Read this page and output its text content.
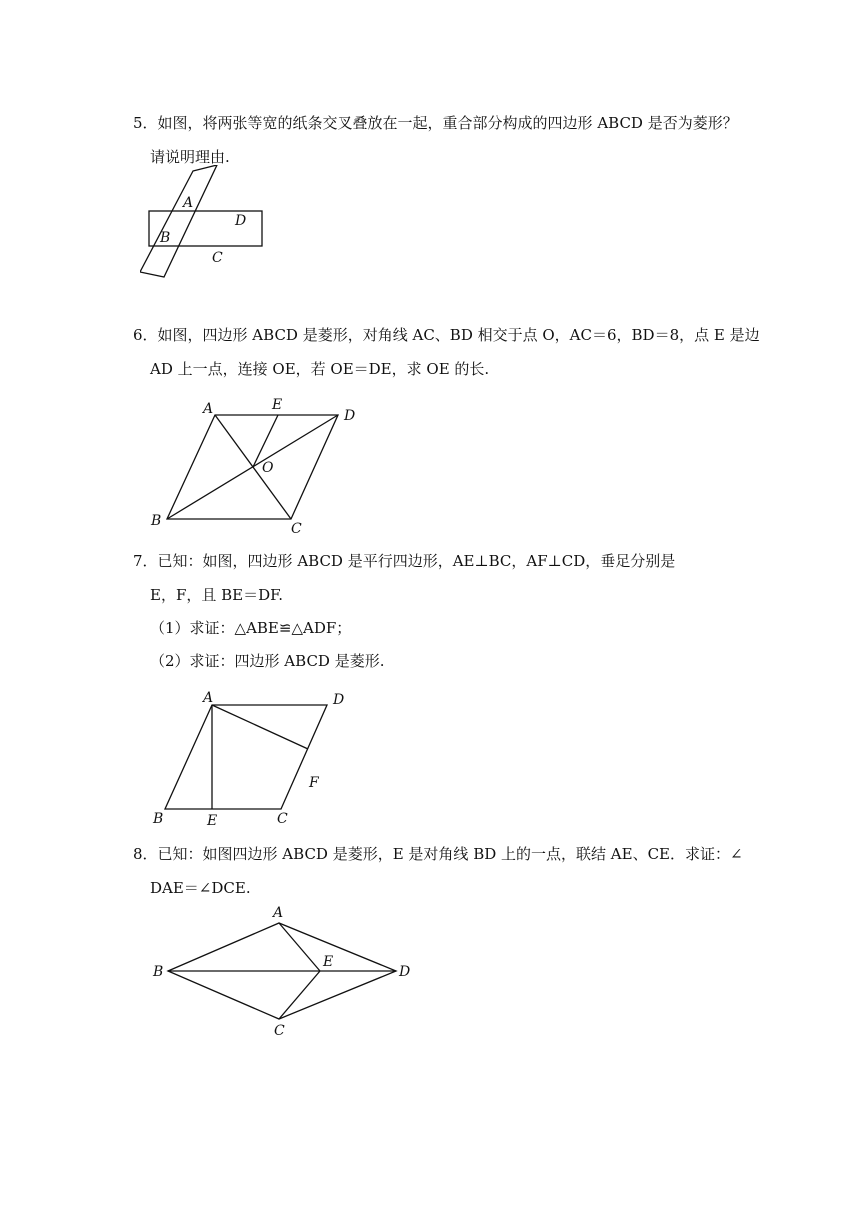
5．如图，将两张等宽的纸条交叉叠放在一起，重合部分构成的四边形 ABCD 是否为菱形？
请说明理由.
A
D
B
C
6．如图，四边形 ABCD 是菱形，对角线 AC、BD 相交于点 O，AC＝6，BD＝8，点 E 是边
AD 上一点，连接 OE，若 OE＝DE，求 OE 的长.
A	E
D
O
B	C
7．已知：如图，四边形 ABCD 是平行四边形，AE⊥BC，AF⊥CD，垂足分别是
E，F，且 BE＝DF.
（1）求证：△ABE≌△ADF；
（2）求证：四边形 ABCD 是菱形.
A	D
F
B	E	C
8．已知：如图四边形 ABCD 是菱形，E 是对角线 BD 上的一点，联结 AE、CE．求证：∠
DAE＝∠DCE.
A
B
E
D
C
